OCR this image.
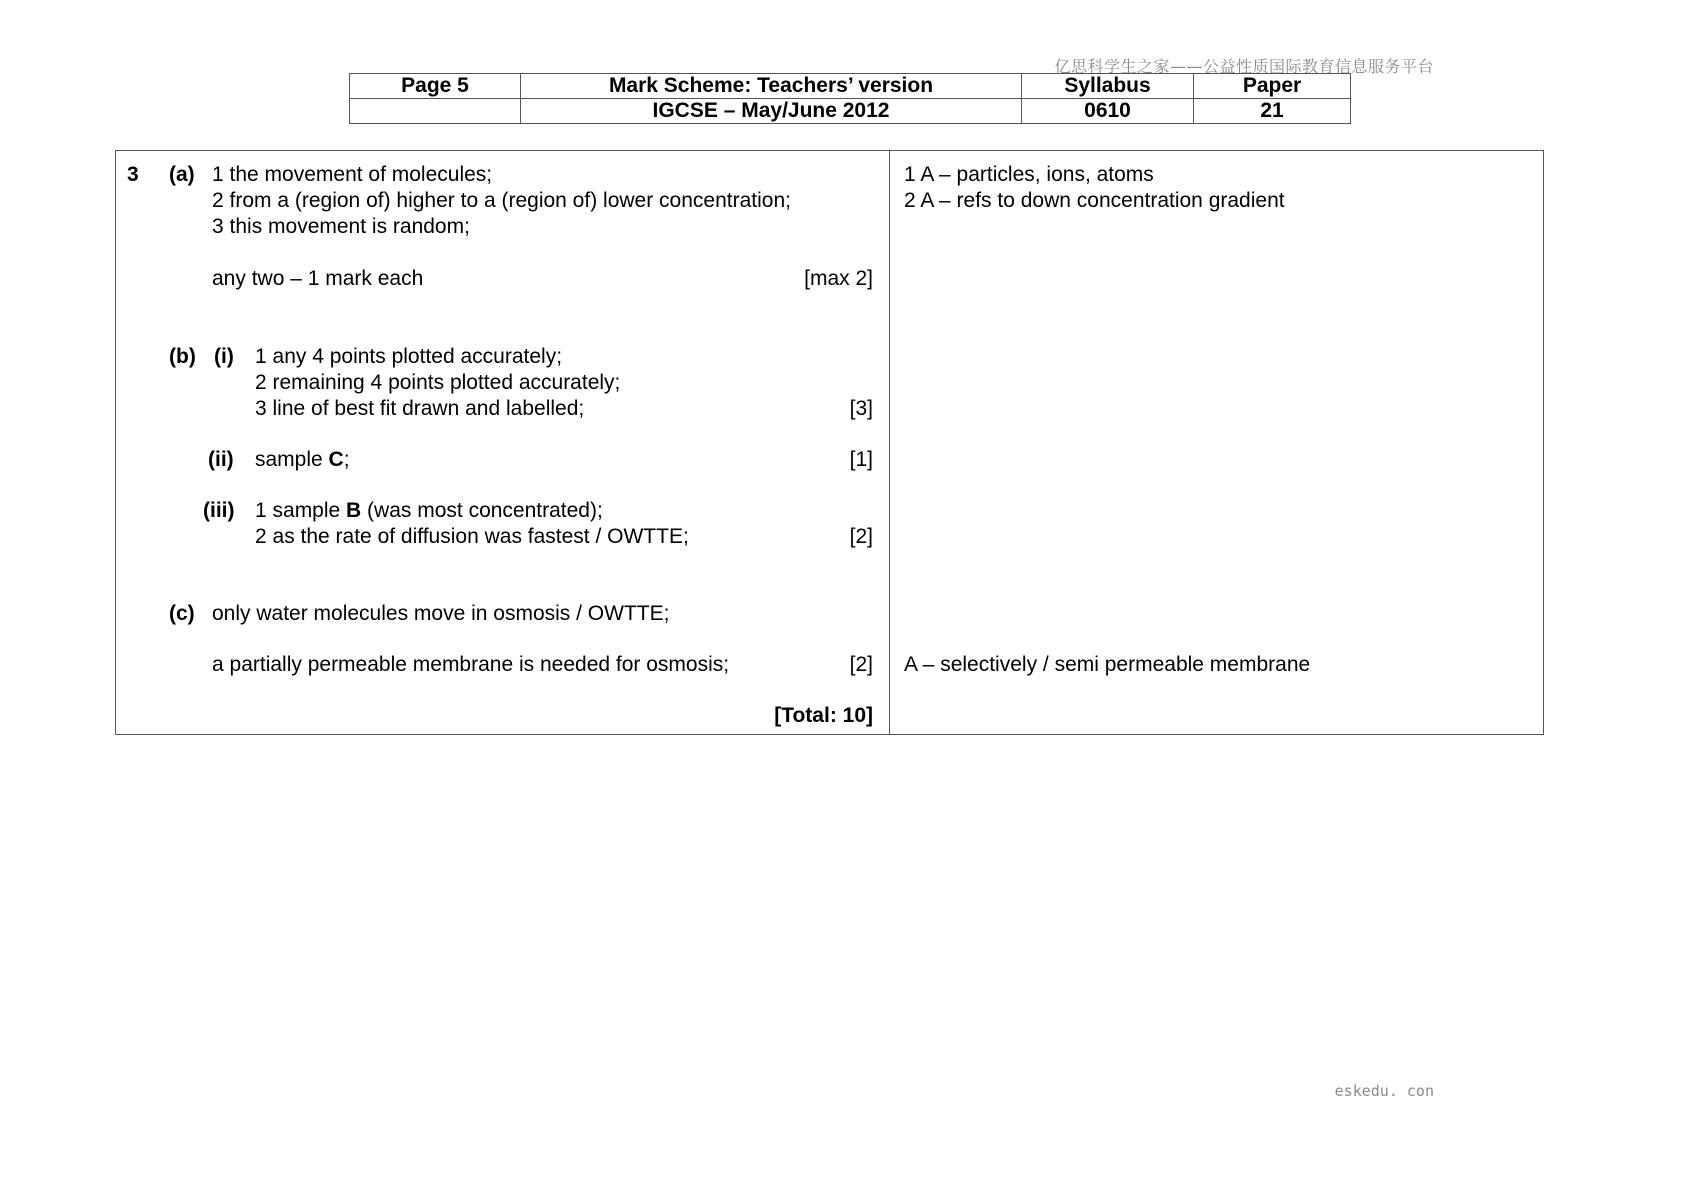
亿思科学生之家——公益性质国际教育信息服务平台
Page 5	Mark Scheme: Teachers’ version	Syllabus	Paper
	IGCSE – May/June 2012	0610	21
3 (a) 1 the movement of molecules;
2 from a (region of) higher to a (region of) lower concentration;
3 this movement is random;
any two – 1 mark each	[max 2]
1 A – particles, ions, atoms
2 A – refs to down concentration gradient
(b) (i) 1 any 4 points plotted accurately;
2 remaining 4 points plotted accurately;
3 line of best fit drawn and labelled;	[3]
(ii) sample C;	[1]
(iii) 1 sample B (was most concentrated);
2 as the rate of diffusion was fastest / OWTTE;	[2]
(c) only water molecules move in osmosis / OWTTE;
a partially permeable membrane is needed for osmosis;	[2] A – selectively / semi permeable membrane
[Total: 10]
eskedu. con
